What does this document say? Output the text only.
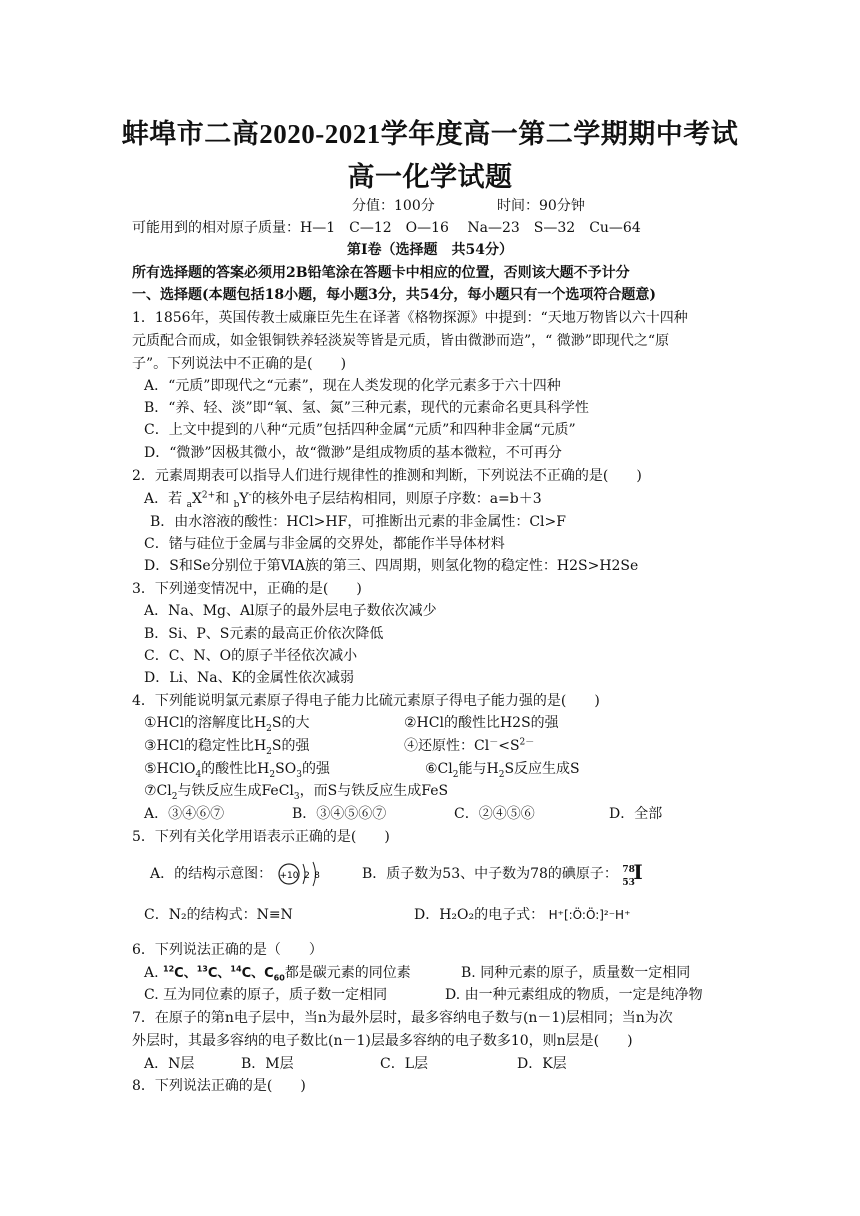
蚌埠市二高2020-2021学年度高一第二学期期中考试
高一化学试题
分值：100分	时间：90分钟
可能用到的相对原子质量：H—1　C—12　O—16　 Na—23　S—32　Cu—64
第Ⅰ卷（选择题　共54分）
所有选择题的答案必须用2B铅笔涂在答题卡中相应的位置，否则该大题不予计分
一、选择题(本题包括18小题，每小题3分，共54分，每小题只有一个选项符合题意)
1．1856年，英国传教士威廉臣先生在译著《格物探源》中提到：“天地万物皆以六十四种
元质配合而成，如金银铜铁养轻淡炭等皆是元质，皆由微渺而造”，“ 微渺”即现代之“原
子”。下列说法中不正确的是(　　)
A．“元质”即现代之“元素”，现在人类发现的化学元素多于六十四种
B．“养、轻、淡”即“氧、氢、氮”三种元素，现代的元素命名更具科学性
C．上文中提到的八种“元质”包括四种金属“元质”和四种非金属“元质”
D．“微渺”因极其微小，故“微渺”是组成物质的基本微粒，不可再分
2．元素周期表可以指导人们进行规律性的推测和判断，下列说法不正确的是(　　)
A．若 $_aX^{2+}$和 $_b$Y-的核外电子层结构相同，则原子序数：a=b＋3
B．由水溶液的酸性：HCl>HF，可推断出元素的非金属性：Cl>F
C．锗与硅位于金属与非金属的交界处，都能作半导体材料
D．S和Se分别位于第ⅥA族的第三、四周期，则氢化物的稳定性：H2S>H2Se
3．下列递变情况中，正确的是(　　)
A．Na、Mg、Al原子的最外层电子数依次减少
B．Si、P、S元素的最高正价依次降低
C．C、N、O的原子半径依次减小
D．Li、Na、K的金属性依次减弱
4．下列能说明氯元素原子得电子能力比硫元素原子得电子能力强的是(　　)
①HCl的溶解度比$H_2S$的大	②HCl的酸性比H2S的强
③HCl的稳定性比$H_2S$的强	④还原性：$Cl^-<S^{2-}$
⑤HClO$_4$的酸性比$H_2SO_3$的强	$⑥Cl_2$能与$H_2S$反应生成S
$⑦Cl_2$与铁反应生成FeCl$_3$，而S与铁反应生成FeS
A．③④⑥⑦	B．③④⑤⑥⑦	C．②④⑤⑥	D．全部
5．下列有关化学用语表示正确的是(　　)
A．的结构示意图： +10 2 8	B．质子数为53、中子数为78的碘原子： 78
53
I
C．N₂的结构式：N≡N	D．H₂O₂的电子式： H⁺[:Ö:Ö:]²⁻H⁺
6．下列说法正确的是（　　）
A. $^{12}$C、$^{13}$C、$^{14}$C、$C_{60}$都是碳元素的同位素	B. 同种元素的原子，质量数一定相同
C. 互为同位素的原子，质子数一定相同	D. 由一种元素组成的物质，一定是纯净物
7．在原子的第n电子层中，当n为最外层时，最多容纳电子数与(n－1)层相同；当n为次
外层时，其最多容纳的电子数比(n－1)层最多容纳的电子数多10，则n层是(　　)
A．N层	B．M层	C．L层	D．K层
8．下列说法正确的是(　　)
